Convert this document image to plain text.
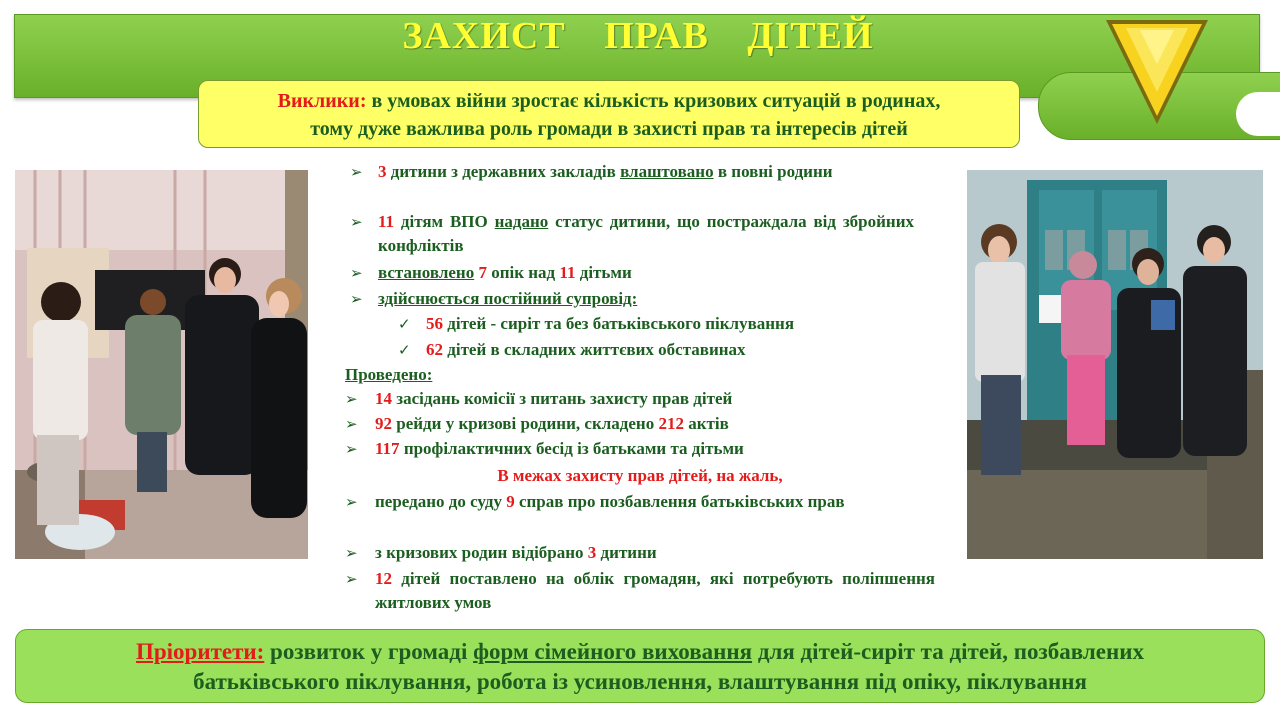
ЗАХИСТ ПРАВ ДІТЕЙ
Виклики: в умовах війни зростає кількість кризових ситуацій в родинах,
тому дуже важлива роль громади в захисті прав та інтересів дітей
➢ 3 дитини з державних закладів влаштовано в повні родини
➢ 11 дітям ВПО надано статус дитини, що постраждала від збройних конфліктів
➢ встановлено 7 опік над 11 дітьми
➢ здійснюється постійний супровід:
✓ 56 дітей - сиріт та без батьківського піклування
✓ 62 дітей в складних життєвих обставинах
Проведено:
➢ 14 засідань комісії з питань захисту прав дітей
➢ 92 рейди у кризові родини, складено 212 актів
➢ 117 профілактичних бесід із батьками та дітьми
В межах захисту прав дітей, на жаль,
➢ передано до суду 9 справ про позбавлення батьківських прав
➢ з кризових родин відібрано 3 дитини
➢ 12 дітей поставлено на облік громадян, які потребують поліпшення житлових умов
Пріоритети: розвиток у громаді форм сімейного виховання для дітей-сиріт та дітей, позбавлених
батьківського піклування, робота із усиновлення, влаштування під опіку, піклування
